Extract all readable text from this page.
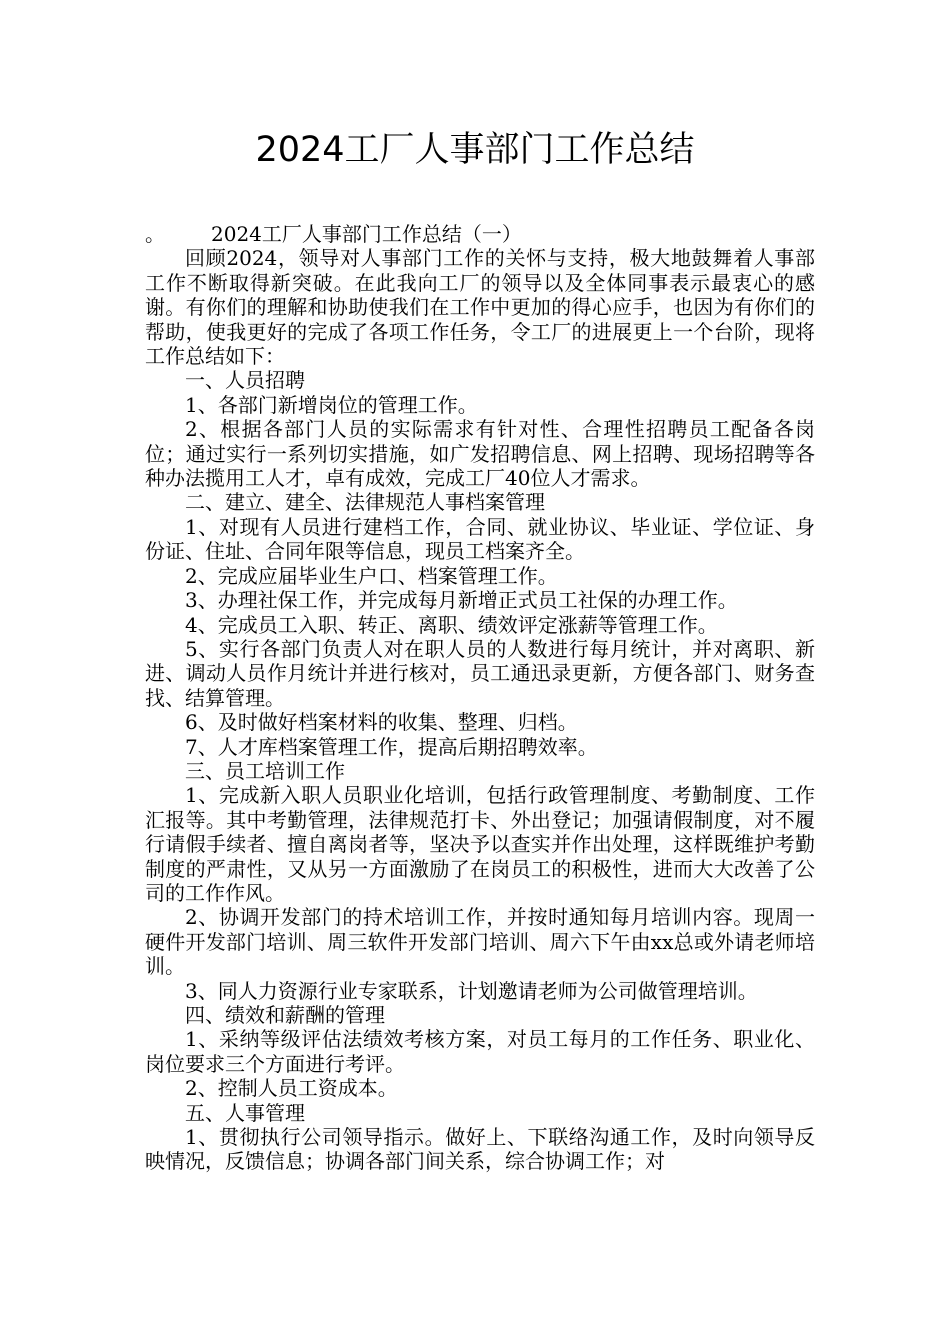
2024工厂人事部门工作总结

。 2024工厂人事部门工作总结（一）

回顾2024，领导对人事部门工作的关怀与支持，极大地鼓舞着人事部工作不断取得新突破。在此我向工厂的领导以及全体同事表示最衷心的感谢。有你们的理解和协助使我们在工作中更加的得心应手，也因为有你们的帮助，使我更好的完成了各项工作任务，令工厂的进展更上一个台阶，现将工作总结如下：

一、人员招聘

1、各部门新增岗位的管理工作。

2、根据各部门人员的实际需求有针对性、合理性招聘员工配备各岗位；通过实行一系列切实措施，如广发招聘信息、网上招聘、现场招聘等各种办法揽用工人才，卓有成效，完成工厂40位人才需求。

二、建立、建全、法律规范人事档案管理

1、对现有人员进行建档工作，合同、就业协议、毕业证、学位证、身份证、住址、合同年限等信息，现员工档案齐全。

2、完成应届毕业生户口、档案管理工作。

3、办理社保工作，并完成每月新增正式员工社保的办理工作。

4、完成员工入职、转正、离职、绩效评定涨薪等管理工作。

5、实行各部门负责人对在职人员的人数进行每月统计，并对离职、新进、调动人员作月统计并进行核对，员工通迅录更新，方便各部门、财务查找、结算管理。

6、及时做好档案材料的收集、整理、归档。

7、人才库档案管理工作，提高后期招聘效率。

三、员工培训工作

1、完成新入职人员职业化培训，包括行政管理制度、考勤制度、工作汇报等。其中考勤管理，法律规范打卡、外出登记；加强请假制度，对不履行请假手续者、擅自离岗者等，坚决予以查实并作出处理，这样既维护考勤制度的严肃性，又从另一方面激励了在岗员工的积极性，进而大大改善了公司的工作作风。

2、协调开发部门的持术培训工作，并按时通知每月培训内容。现周一硬件开发部门培训、周三软件开发部门培训、周六下午由xx总或外请老师培训。

3、同人力资源行业专家联系，计划邀请老师为公司做管理培训。

四、绩效和薪酬的管理

1、采纳等级评估法绩效考核方案，对员工每月的工作任务、职业化、岗位要求三个方面进行考评。

2、控制人员工资成本。

五、人事管理

1、贯彻执行公司领导指示。做好上、下联络沟通工作，及时向领导反映情况，反馈信息；协调各部门间关系，综合协调工作；对
